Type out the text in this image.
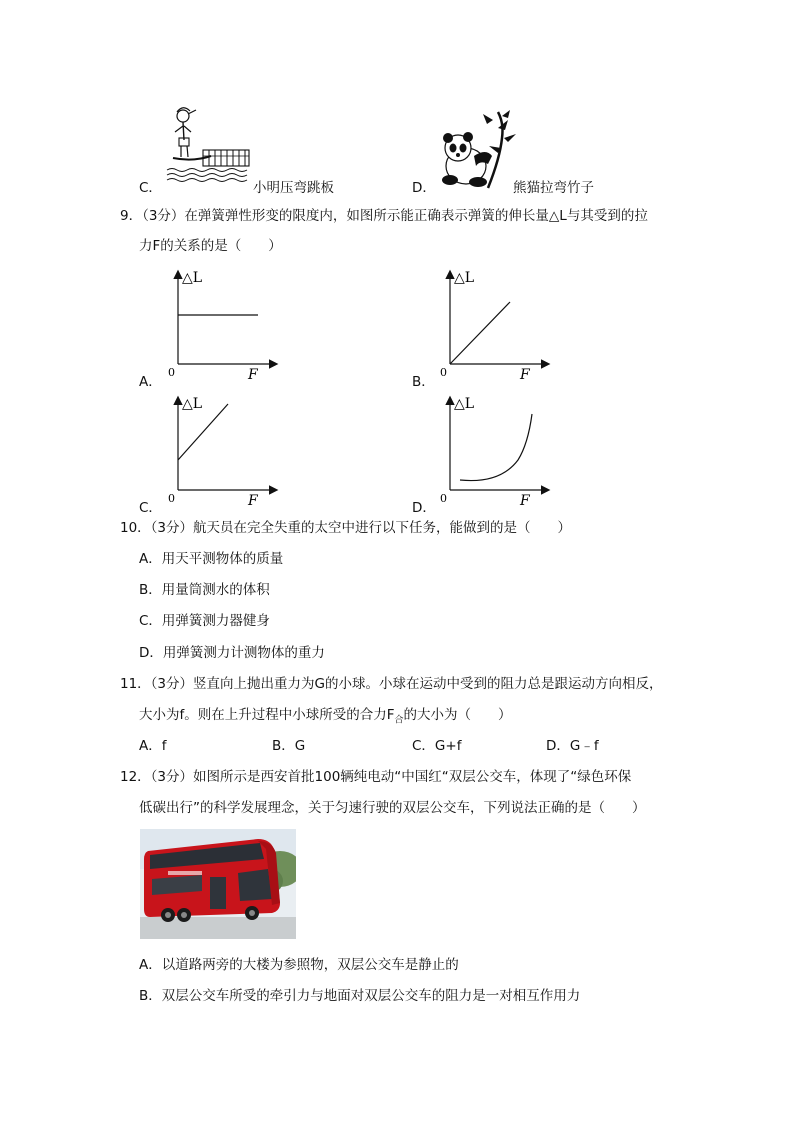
C．	小明压弯跳板	D．	熊猫拉弯竹子
9．（3分）在弹簧弹性形变的限度内，如图所示能正确表示弹簧的伸长量△L与其受到的拉
力F的关系的是（　　）
A．
△L
0	F	B．
△L
0	F
C．
△L
0	F	D．
△L
0	F
10．（3分）航天员在完全失重的太空中进行以下任务，能做到的是（　　）
A．用天平测物体的质量
B．用量筒测水的体积
C．用弹簧测力器健身
D．用弹簧测力计测物体的重力
11．（3分）竖直向上抛出重力为G的小球。小球在运动中受到的阻力总是跟运动方向相反，
大小为f。则在上升过程中小球所受的合力$F_合$的大小为（　　）
A．f	B．G	C．G+f	D．G﹣f
12．（3分）如图所示是西安首批100辆纯电动“中国红“双层公交车，体现了“绿色环保
低碳出行”的科学发展理念，关于匀速行驶的双层公交车，下列说法正确的是（　　）
A．以道路两旁的大楼为参照物，双层公交车是静止的
B．双层公交车所受的牵引力与地面对双层公交车的阻力是一对相互作用力
